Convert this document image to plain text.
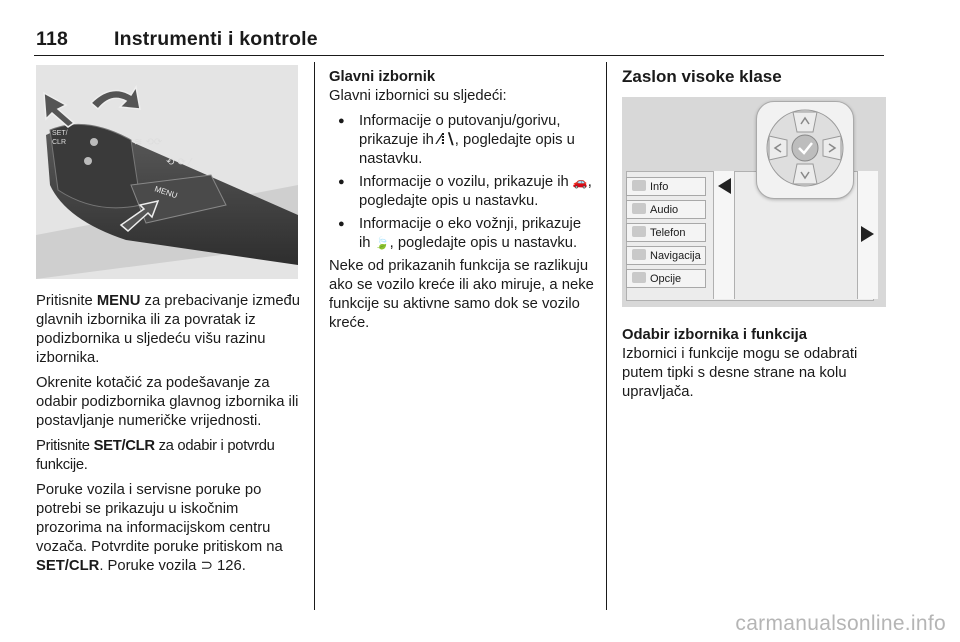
118 Instrumenti i kontrole
SET/
CLR
MENU
≋ ⟲⟳
⟲ ⟳ ⁄

Pritisnite MENU za prebacivanje između glavnih izbornika ili za povratak iz podizbornika u sljedeću višu razinu izbornika.

Okrenite kotačić za podešavanje za odabir podizbornika glavnog izbornika ili postavljanje numeričke vrijednosti.

Pritisnite SET/CLR za odabir i potvrdu funkcije.

Poruke vozila i servisne poruke po potrebi se prikazuju u iskočnim prozorima na informacijskom centru vozača. Potvrdite poruke pritiskom na SET/CLR. Poruke vozila ⊃ 126.

Glavni izbornik

Glavni izbornici su sljedeći:

● Informacije o putovanju/gorivu, prikazuje ih ⁄⁞∖, pogledajte opis u nastavku.
● Informacije o vozilu, prikazuje ih 🚗, pogledajte opis u nastavku.
● Informacije o eko vožnji, prikazuje ih 🍃, pogledajte opis u nastavku.

Neke od prikazanih funkcija se razlikuju ako se vozilo kreće ili ako miruje, a neke funkcije su aktivne samo dok se vozilo kreće.

Zaslon visoke klase
Info
Audio
Telefon
Navigacija
Opcije
Odabir izbornika i funkcija

Izbornici i funkcije mogu se odabrati putem tipki s desne strane na kolu upravljača.

carmanualsonline.info
